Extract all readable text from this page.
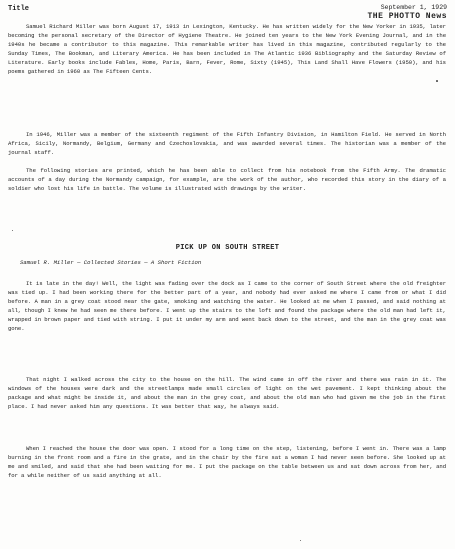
Title	September 1, 1929
THE PHOTTO News
Samuel Richard Miller was born August 17, 1913 in Lexington, Kentucky. He has written widely for the New Yorker in 1935, later becoming the personal secretary of the Director of Hygiene Theatre. He joined ten years to the New York Evening Journal, and in the 1940s he became a contributor to this magazine. This remarkable writer has lived in this magazine, contributed regularly to the Sunday Times, The Bookman, and Literary America. He has been included in The Atlantic 1936 Bibliography and the Saturday Review of Literature. Early books include Fables, Home, Paris, Barn, Fever, Rome, Sixty (1945), This Land Shall Have Flowers (1950), and his poems gathered in 1960 as The Fifteen Cents.
In 1946, Miller was a member of the sixteenth regiment of the Fifth Infantry Division, in Hamilton Field. He served in North Africa, Sicily, Normandy, Belgium, Germany and Czechoslovakia, and was awarded several times. The historian was a member of the journal staff.
The following stories are printed, which he has been able to collect from his notebook from the Fifth Army. The dramatic accounts of a day during the Normandy campaign, for example, are the work of the author, who recorded this story in the diary of a soldier who lost his life in battle. The volume is illustrated with drawings by the writer.
PICK UP ON SOUTH STREET
Samuel R. Miller — Collected Stories — A Short Fiction
It is late in the day! Well, the light was fading over the dock as I came to the corner of South Street where the old freighter was tied up. I had been working there for the better part of a year, and nobody had ever asked me where I came from or what I did before. A man in a grey coat stood near the gate, smoking and watching the water. He looked at me when I passed, and said nothing at all, though I knew he had seen me there before. I went up the stairs to the loft and found the package where the old man had left it, wrapped in brown paper and tied with string. I put it under my arm and went back down to the street, and the man in the grey coat was gone.
That night I walked across the city to the house on the hill. The wind came in off the river and there was rain in it. The windows of the houses were dark and the streetlamps made small circles of light on the wet pavement. I kept thinking about the package and what might be inside it, and about the man in the grey coat, and about the old man who had given me the job in the first place. I had never asked him any questions. It was better that way, he always said.
When I reached the house the door was open. I stood for a long time on the step, listening, before I went in. There was a lamp burning in the front room and a fire in the grate, and in the chair by the fire sat a woman I had never seen before. She looked up at me and smiled, and said that she had been waiting for me. I put the package on the table between us and sat down across from her, and for a while neither of us said anything at all.
